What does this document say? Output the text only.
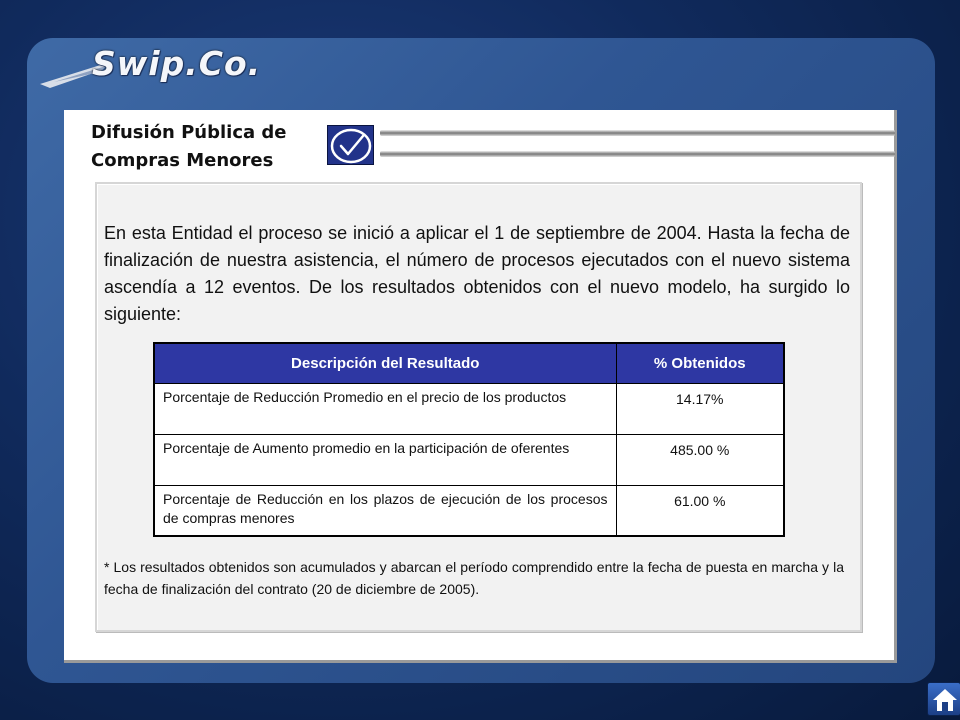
Swip.Co.
Difusión Pública de
Compras Menores
En esta Entidad el proceso se inició a aplicar el 1 de septiembre de 2004. Hasta la fecha de finalización de nuestra asistencia, el número de procesos ejecutados con el nuevo sistema ascendía a 12 eventos. De los resultados obtenidos con el nuevo modelo, ha surgido lo siguiente:
Descripción del Resultado	% Obtenidos
Porcentaje de Reducción Promedio en el precio de los productos	14.17%
Porcentaje de Aumento promedio en la participación de oferentes	485.00 %
Porcentaje de Reducción en los plazos de ejecución de los procesos de compras menores	61.00 %
* Los resultados obtenidos son acumulados y abarcan el período comprendido entre la fecha de puesta en marcha y la fecha de finalización del contrato (20 de diciembre de 2005).
